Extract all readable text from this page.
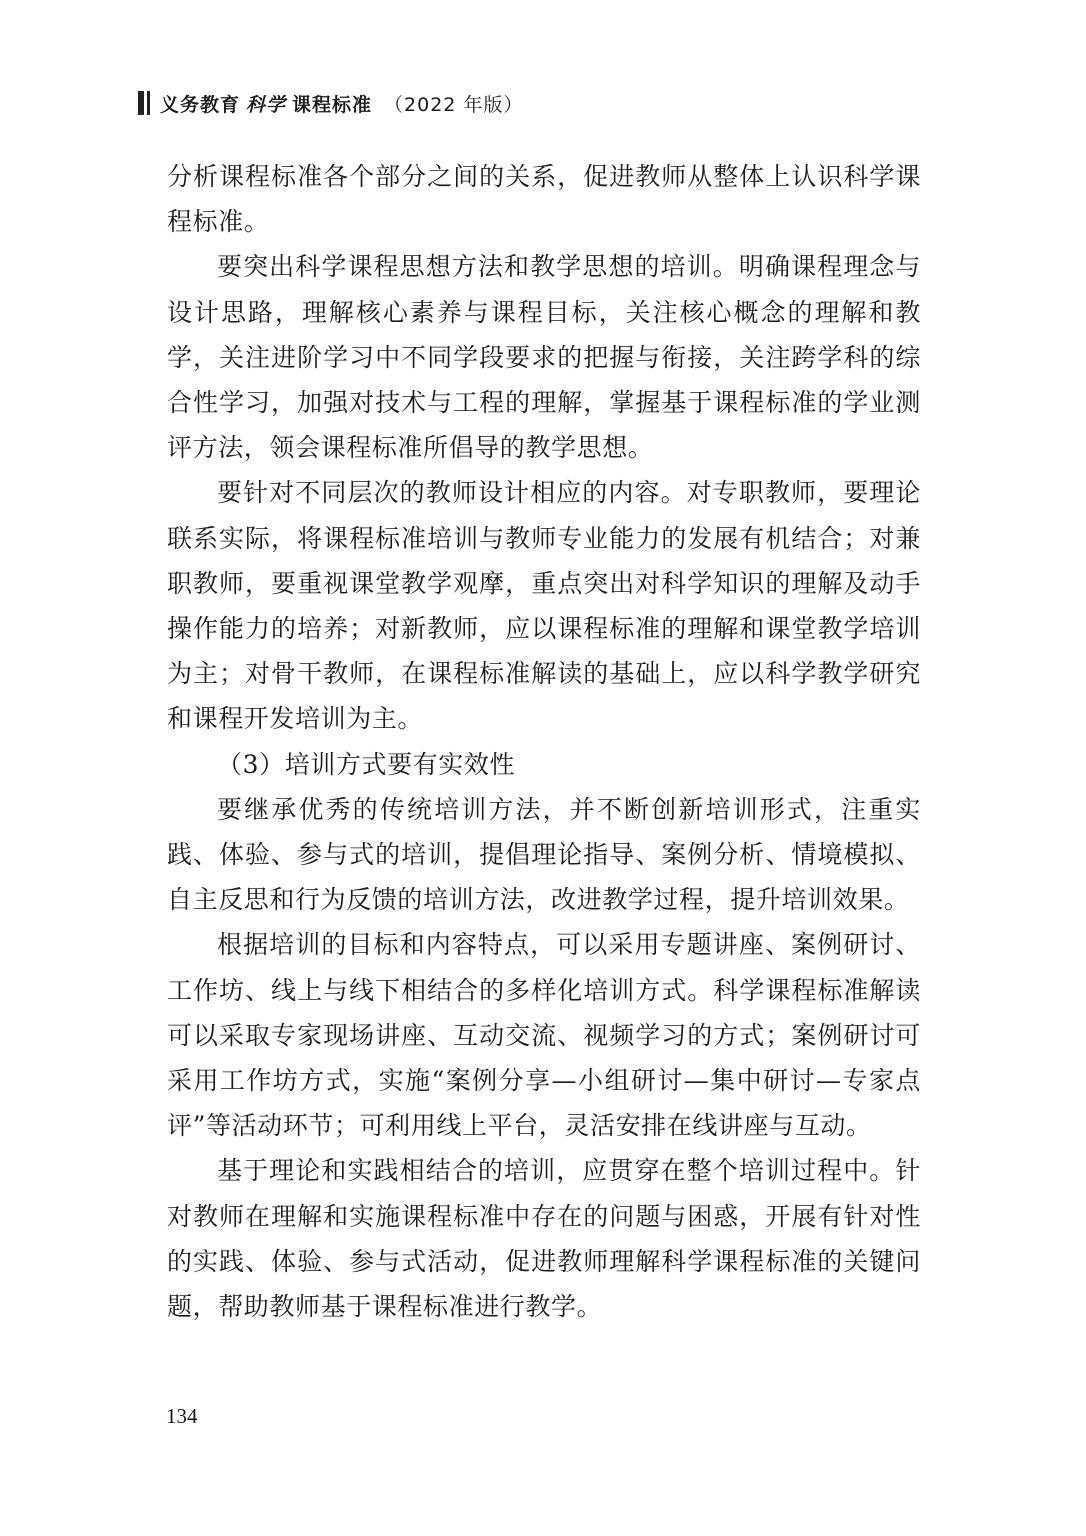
义务教育 科学 课程标准 （2022 年版）

分析课程标准各个部分之间的关系，促进教师从整体上认识科学课程标准。

要突出科学课程思想方法和教学思想的培训。明确课程理念与设计思路，理解核心素养与课程目标，关注核心概念的理解和教学，关注进阶学习中不同学段要求的把握与衔接，关注跨学科的综合性学习，加强对技术与工程的理解，掌握基于课程标准的学业测评方法，领会课程标准所倡导的教学思想。

要针对不同层次的教师设计相应的内容。对专职教师，要理论联系实际，将课程标准培训与教师专业能力的发展有机结合；对兼职教师，要重视课堂教学观摩，重点突出对科学知识的理解及动手操作能力的培养；对新教师，应以课程标准的理解和课堂教学培训为主；对骨干教师，在课程标准解读的基础上，应以科学教学研究和课程开发培训为主。

（3）培训方式要有实效性

要继承优秀的传统培训方法，并不断创新培训形式，注重实践、体验、参与式的培训，提倡理论指导、案例分析、情境模拟、自主反思和行为反馈的培训方法，改进教学过程，提升培训效果。

根据培训的目标和内容特点，可以采用专题讲座、案例研讨、工作坊、线上与线下相结合的多样化培训方式。科学课程标准解读可以采取专家现场讲座、互动交流、视频学习的方式；案例研讨可采用工作坊方式，实施“案例分享—小组研讨—集中研讨—专家点评”等活动环节；可利用线上平台，灵活安排在线讲座与互动。

基于理论和实践相结合的培训，应贯穿在整个培训过程中。针对教师在理解和实施课程标准中存在的问题与困惑，开展有针对性的实践、体验、参与式活动，促进教师理解科学课程标准的关键问题，帮助教师基于课程标准进行教学。

134
